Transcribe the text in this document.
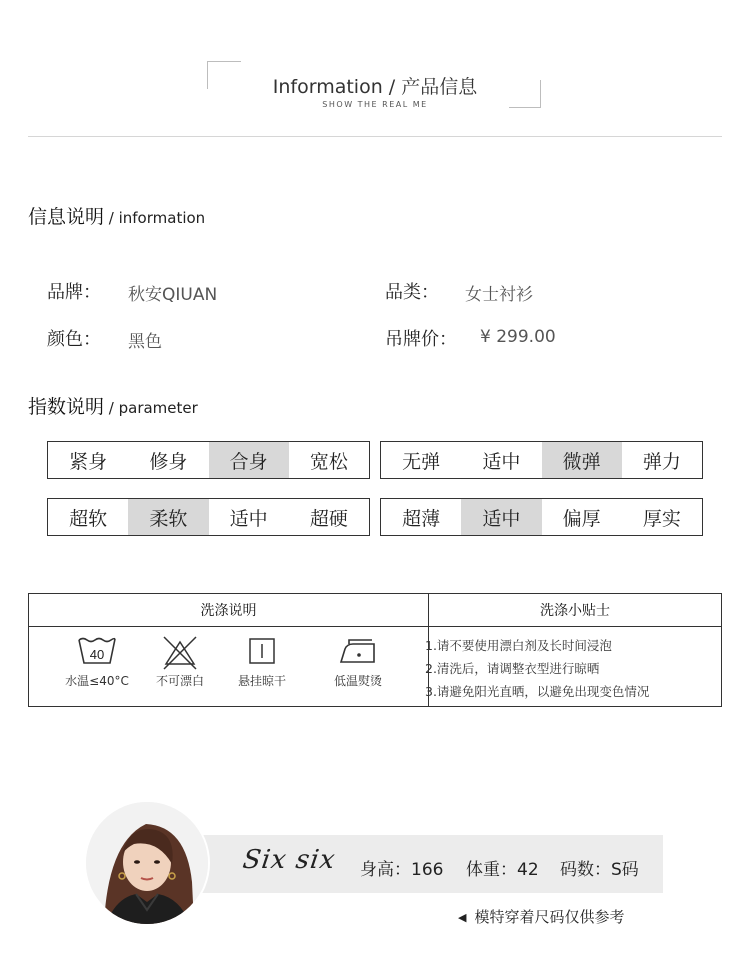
Information / 产品信息
SHOW THE REAL ME
信息说明 / information
品牌： 秋安QIUAN	品类： 女士衬衫
颜色： 黑色	吊牌价： ¥ 299.00
指数说明 / parameter
紧身	修身	合身	宽松	无弹	适中	微弹	弹力
超软	柔软	适中	超硬	超薄	适中	偏厚	厚实
洗涤说明	洗涤小贴士
40
水温≤40°C	不可漂白	悬挂晾干	低温熨烫
1.请不要使用漂白剂及长时间浸泡
2.清洗后，请调整衣型进行晾晒
3.请避免阳光直晒，以避免出现变色情况
Six six 身高：166 体重：42 码数：S码
◀ 模特穿着尺码仅供参考
